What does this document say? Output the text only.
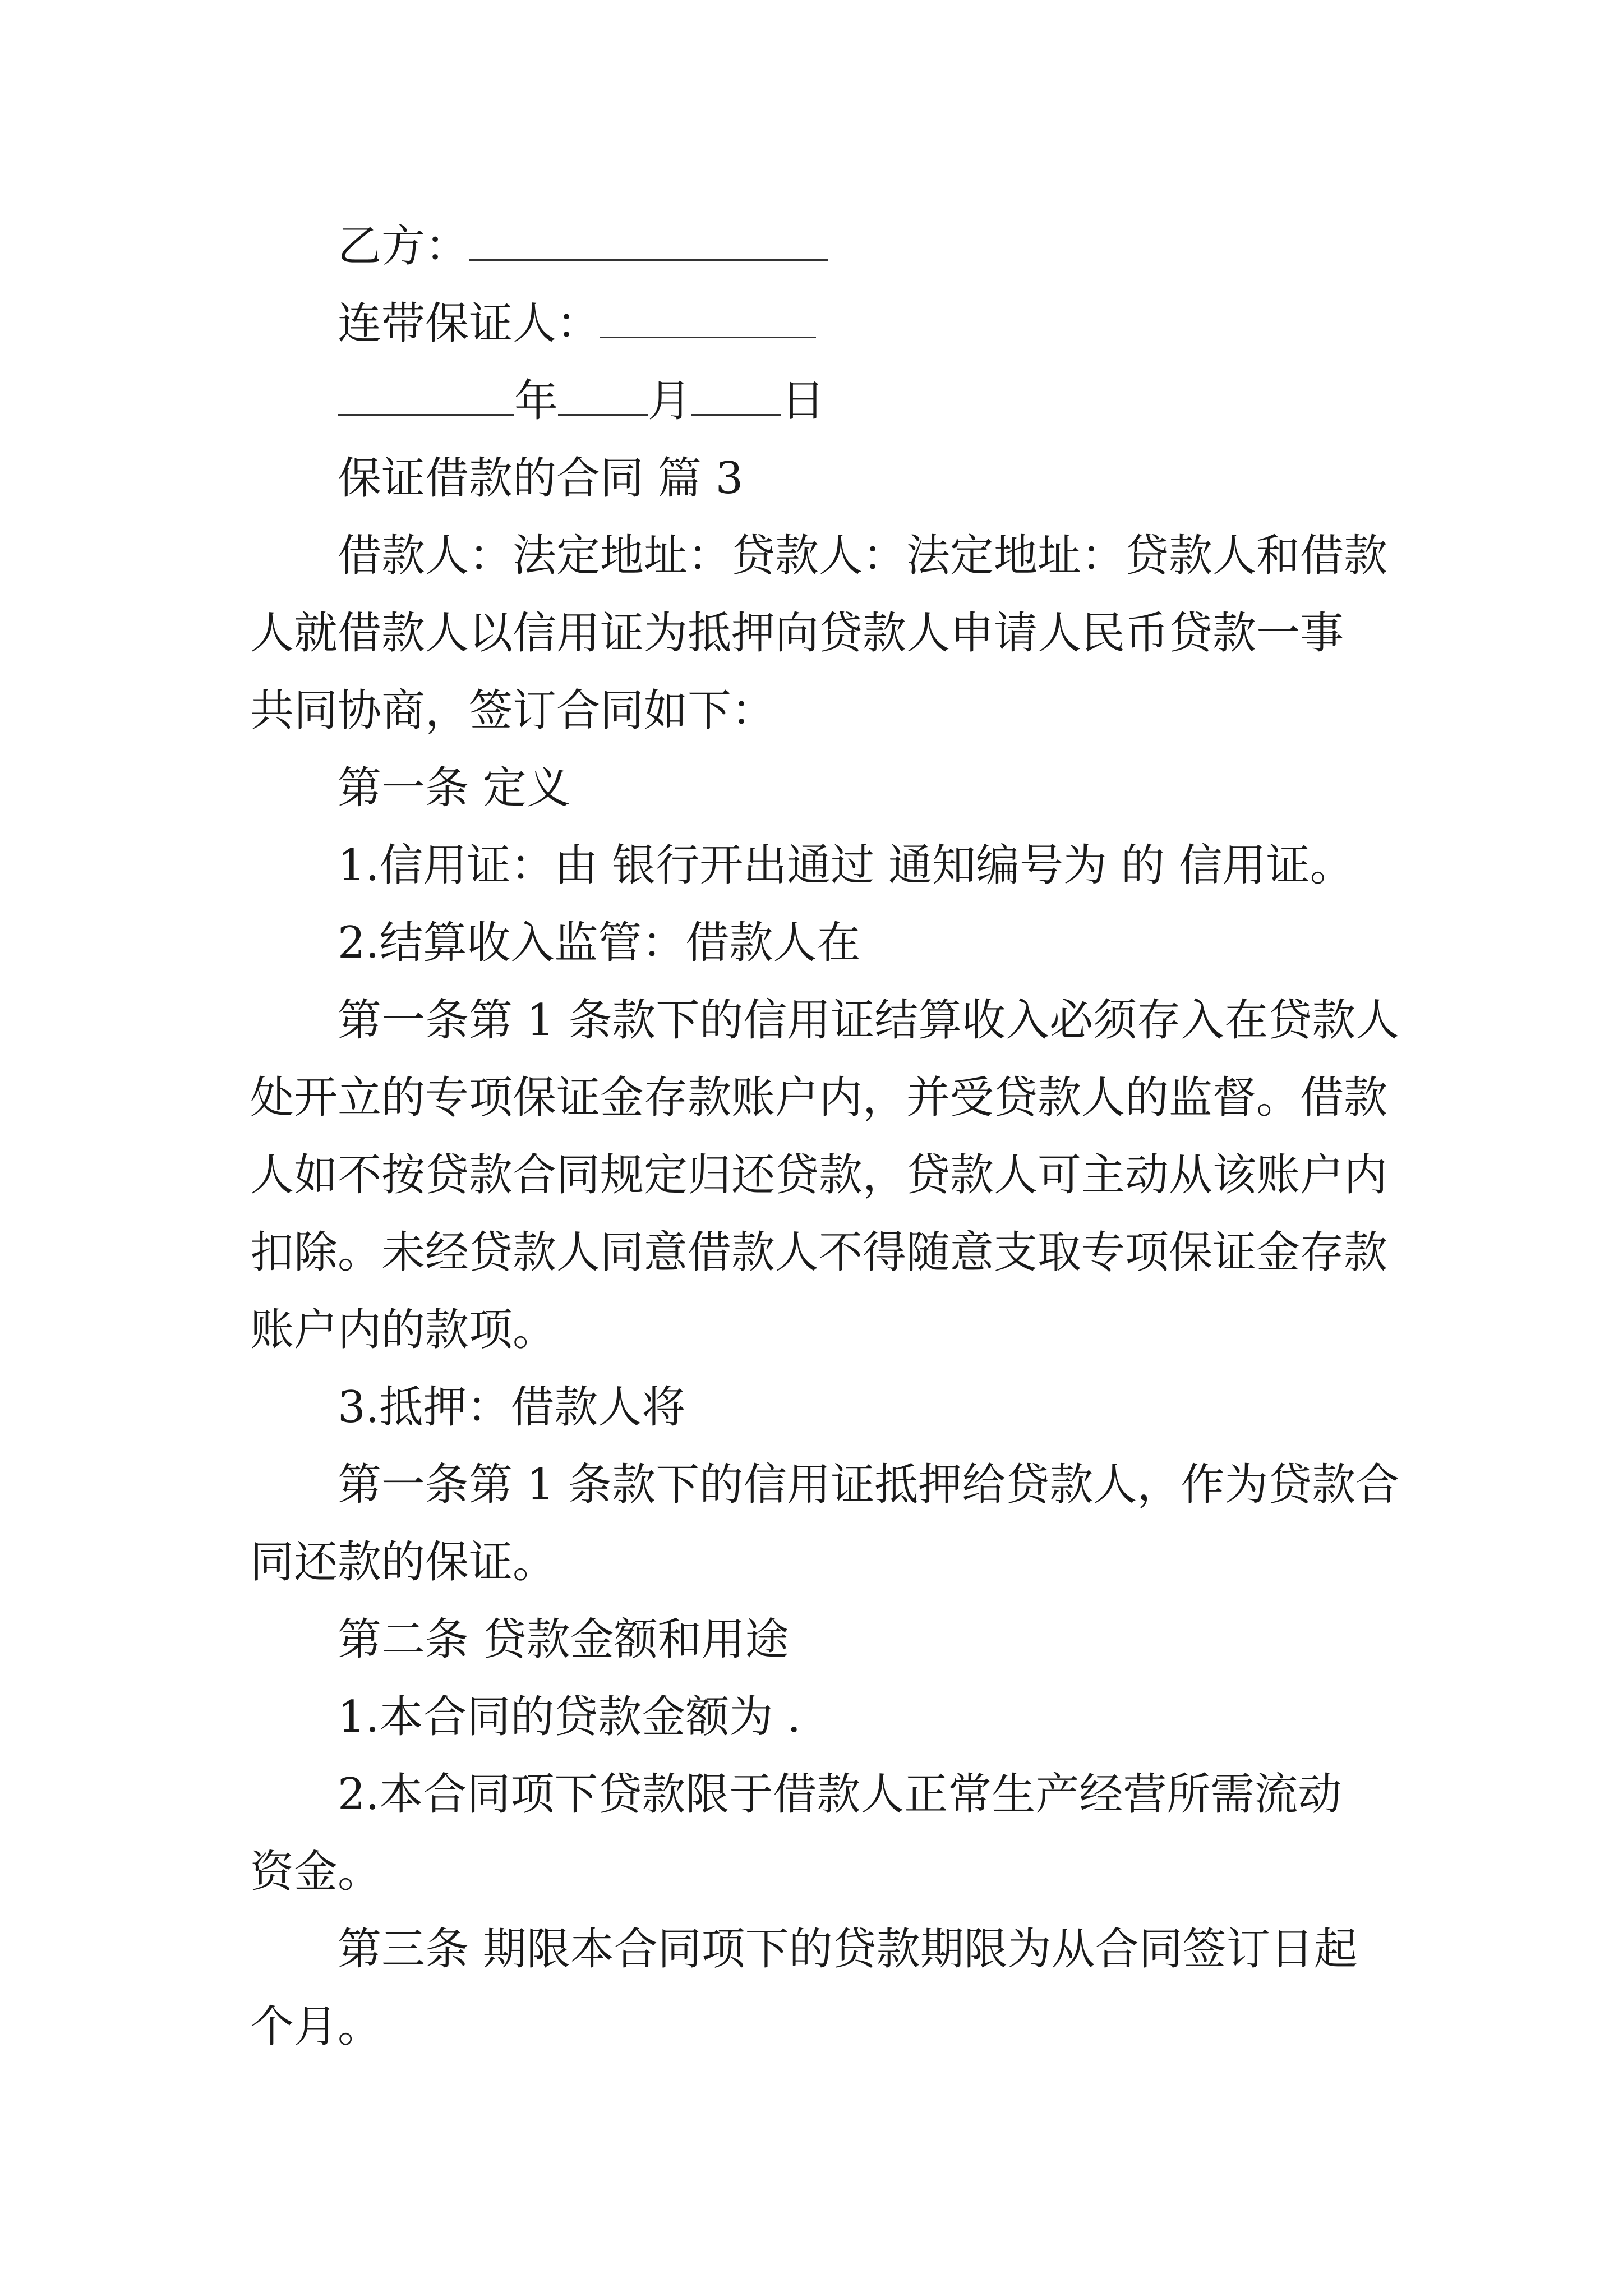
乙方：
连带保证人：
年 月 日
保证借款的合同 篇 3
借款人：法定地址：贷款人：法定地址：贷款人和借款
人就借款人以信用证为抵押向贷款人申请人民币贷款一事
共同协商，签订合同如下：
第一条 定义
1.信用证：由 银行开出通过 通知编号为 的 信用证。
2.结算收入监管：借款人在
第一条第 1 条款下的信用证结算收入必须存入在贷款人
处开立的专项保证金存款账户内，并受贷款人的监督。借款
人如不按贷款合同规定归还贷款，贷款人可主动从该账户内
扣除。未经贷款人同意借款人不得随意支取专项保证金存款
账户内的款项。
3.抵押：借款人将
第一条第 1 条款下的信用证抵押给贷款人，作为贷款合
同还款的保证。
第二条 贷款金额和用途
1.本合同的贷款金额为 .
2.本合同项下贷款限于借款人正常生产经营所需流动
资金。
第三条 期限本合同项下的贷款期限为从合同签订日起
个月。
